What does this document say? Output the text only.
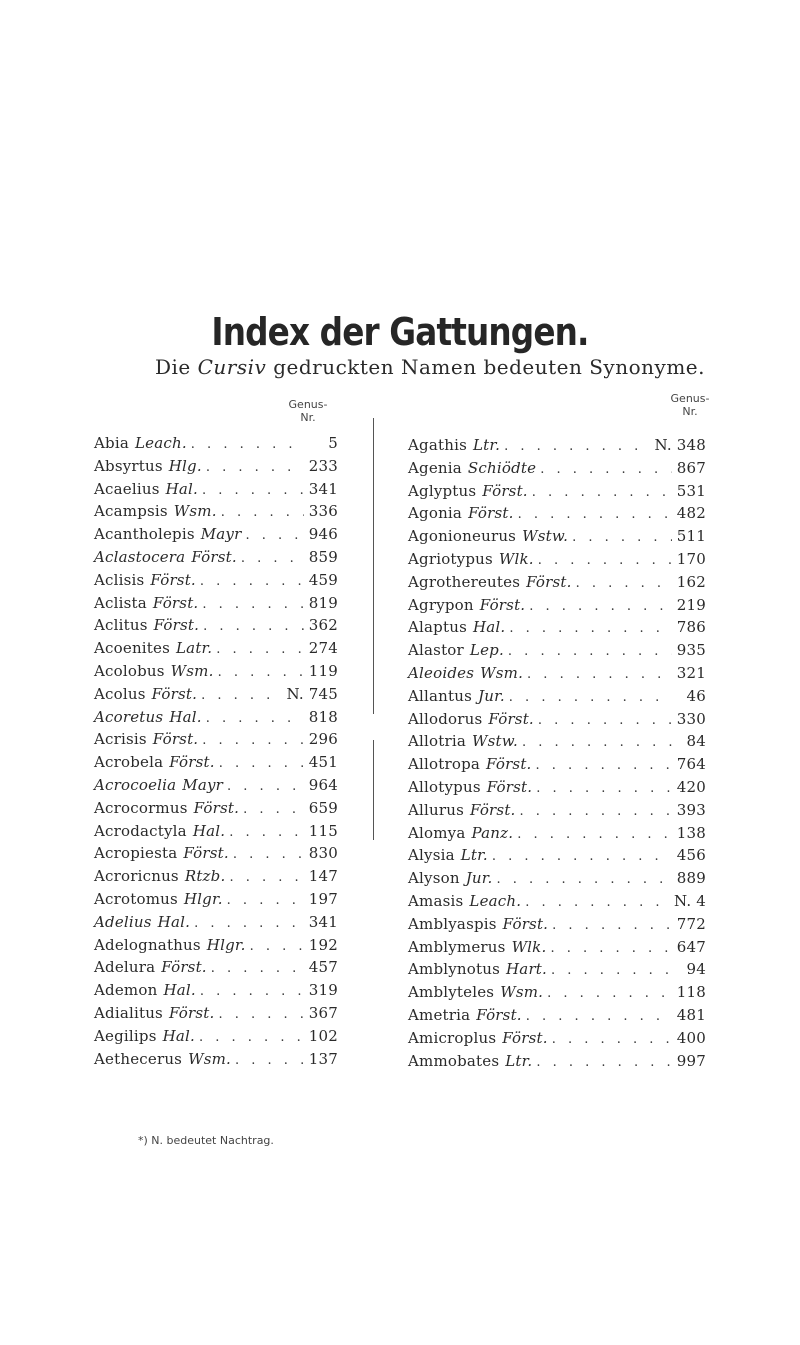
Index der Gattungen.
Die Cursiv gedruckten Namen bedeuten Synonyme.
Genus-
Nr.
Abia Leach. . . .	5
Absyrtus Hlg. . . .	233
Acaelius Hal. . . .	341
Acampsis Wsm. . . .	336
Acantholepis Mayr . . .	946
Aclastocera Först. . . .	859
Aclisis Först. . . .	459
Aclista Först. . . .	819
Aclitus Först. . . .	362
Acoenites Latr. . . .	274
Acolobus Wsm. . . .	119
Acolus Först. . . .	N. 745
Acoretus Hal. . . .	818
Acrisis Först. . . .	296
Acrobela Först. . . .	451
Acrocoelia Mayr . . .	964
Acrocormus Först. . . .	659
Acrodactyla Hal. . . .	115
Acropiesta Först. . . .	830
Acroricnus Rtzb. . . .	147
Acrotomus Hlgr. . . .	197
Adelius Hal. . . .	341
Adelognathus Hlgr. . . .	192
Adelura Först. . . .	457
Ademon Hal. . . .	319
Adialitus Först. . . .	367
Aegilips Hal. . . .	102
Aethecerus Wsm. . . .	137
Genus-
Nr.
Agathis Ltr. . . .	N. 348
Agenia Schiödte . . .	867
Aglyptus Först. . . .	531
Agonia Först. . . .	482
Agonioneurus Wstw. . . .	511
Agriotypus Wlk. . . .	170
Agrothereutes Först. . . .	162
Agrypon Först. . . .	219
Alaptus Hal. . . .	786
Alastor Lep. . . .	935
Aleoides Wsm. . . .	321
Allantus Jur. . . .	46
Allodorus Först. . . .	330
Allotria Wstw. . . .	84
Allotropa Först. . . .	764
Allotypus Först. . . .	420
Allurus Först. . . .	393
Alomya Panz. . . .	138
Alysia Ltr. . . .	456
Alyson Jur. . . .	889
Amasis Leach. . . .	N. 4
Amblyaspis Först. . . .	772
Amblymerus Wlk. . . .	647
Amblynotus Hart. . . .	94
Amblyteles Wsm. . . .	118
Ametria Först. . . .	481
Amicroplus Först. . . .	400
Ammobates Ltr. . . .	997
*) N. bedeutet Nachtrag.
